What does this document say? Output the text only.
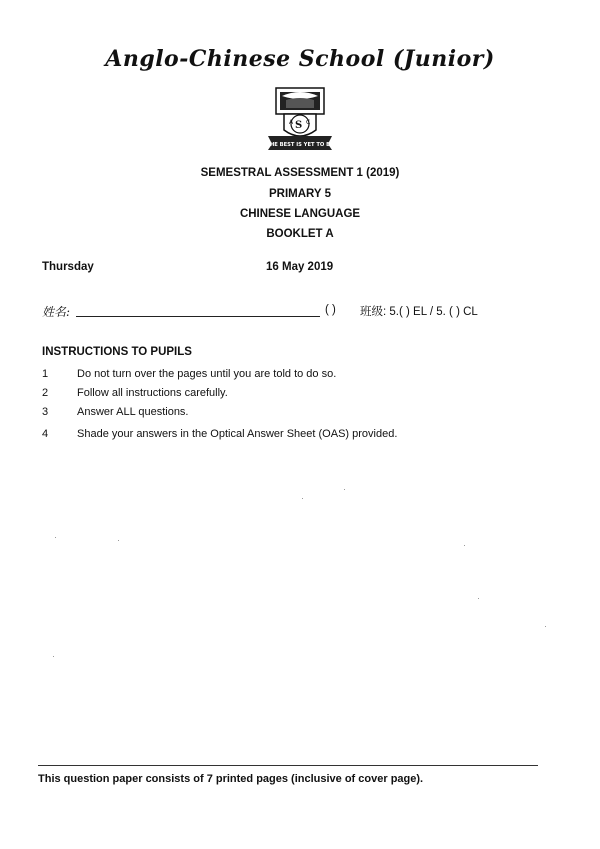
Anglo-Chinese School (Junior)
S
A C
THE BEST IS YET TO BE
SEMESTRAL ASSESSMENT 1 (2019)
PRIMARY 5
CHINESE LANGUAGE
BOOKLET A
Thursday	16 May 2019
姓名:	( ) 班级: 5.( ) EL / 5. ( ) CL
INSTRUCTIONS TO PUPILS
1	Do not turn over the pages until you are told to do so.
2	Follow all instructions carefully.
3	Answer ALL questions.
4	Shade your answers in the Optical Answer Sheet (OAS) provided.
This question paper consists of 7 printed pages (inclusive of cover page).
